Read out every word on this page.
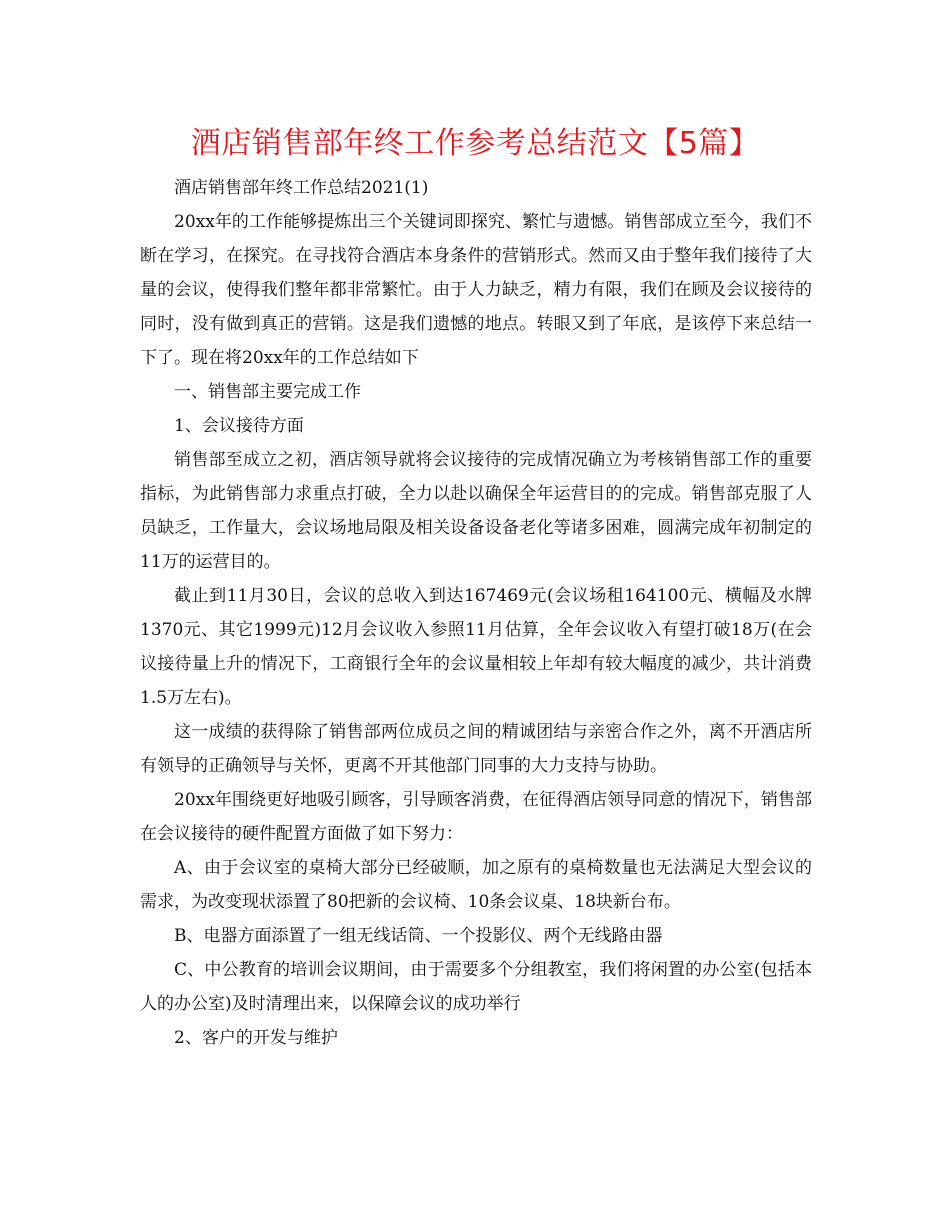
酒店销售部年终工作参考总结范文【5篇】

酒店销售部年终工作总结2021(1)

20xx年的工作能够提炼出三个关键词即探究、繁忙与遗憾。销售部成立至今，我们不断在学习，在探究。在寻找符合酒店本身条件的营销形式。然而又由于整年我们接待了大量的会议，使得我们整年都非常繁忙。由于人力缺乏，精力有限，我们在顾及会议接待的同时，没有做到真正的营销。这是我们遗憾的地点。转眼又到了年底，是该停下来总结一下了。现在将20xx年的工作总结如下

一、销售部主要完成工作

1、会议接待方面

销售部至成立之初，酒店领导就将会议接待的完成情况确立为考核销售部工作的重要指标，为此销售部力求重点打破，全力以赴以确保全年运营目的的完成。销售部克服了人员缺乏，工作量大，会议场地局限及相关设备设备老化等诸多困难，圆满完成年初制定的11万的运营目的。

截止到11月30日，会议的总收入到达167469元(会议场租164100元、横幅及水牌1370元、其它1999元)12月会议收入参照11月估算，全年会议收入有望打破18万(在会议接待量上升的情况下，工商银行全年的会议量相较上年却有较大幅度的减少，共计消费1.5万左右)。

这一成绩的获得除了销售部两位成员之间的精诚团结与亲密合作之外，离不开酒店所有领导的正确领导与关怀，更离不开其他部门同事的大力支持与协助。

20xx年围绕更好地吸引顾客，引导顾客消费，在征得酒店领导同意的情况下，销售部在会议接待的硬件配置方面做了如下努力：

A、由于会议室的桌椅大部分已经破顺，加之原有的桌椅数量也无法满足大型会议的需求，为改变现状添置了80把新的会议椅、10条会议桌、18块新台布。

B、电器方面添置了一组无线话筒、一个投影仪、两个无线路由器

C、中公教育的培训会议期间，由于需要多个分组教室，我们将闲置的办公室(包括本人的办公室)及时清理出来，以保障会议的成功举行

2、客户的开发与维护
